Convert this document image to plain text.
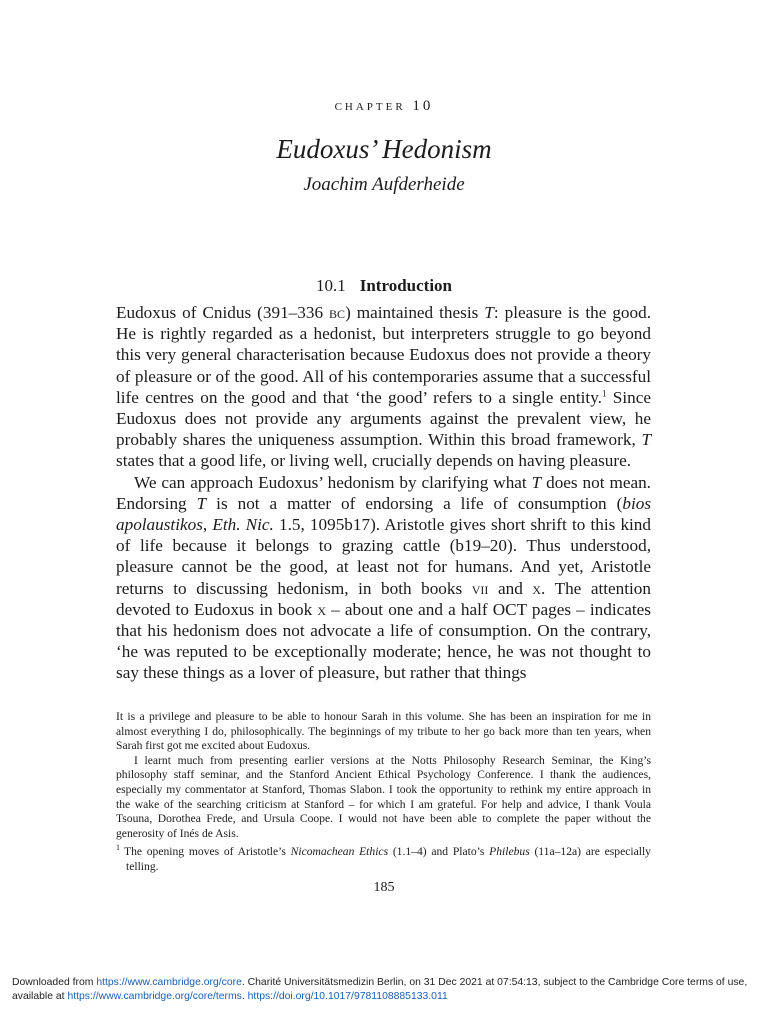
chapter 10
Eudoxus’ Hedonism
Joachim Aufderheide
10.1 Introduction

Eudoxus of Cnidus (391–336 bc) maintained thesis T: pleasure is the good. He is rightly regarded as a hedonist, but interpreters struggle to go beyond this very general characterisation because Eudoxus does not provide a theory of pleasure or of the good. All of his contemporaries assume that a successful life centres on the good and that ‘the good’ refers to a single entity.$^1$ Since Eudoxus does not provide any arguments against the prevalent view, he probably shares the uniqueness assumption. Within this broad framework, T states that a good life, or living well, crucially depends on having pleasure.

We can approach Eudoxus’ hedonism by clarifying what T does not mean. Endorsing T is not a matter of endorsing a life of consumption (bios apolaustikos, Eth. Nic. 1.5, 1095b17). Aristotle gives short shrift to this kind of life because it belongs to grazing cattle (b19–20). Thus understood, pleasure cannot be the good, at least not for humans. And yet, Aristotle returns to discussing hedonism, in both books vii and x. The attention devoted to Eudoxus in book x – about one and a half OCT pages – indicates that his hedonism does not advocate a life of consumption. On the contrary, ‘he was reputed to be exceptionally moderate; hence, he was not thought to say these things as a lover of pleasure, but rather that things

It is a privilege and pleasure to be able to honour Sarah in this volume. She has been an inspiration for me in almost everything I do, philosophically. The beginnings of my tribute to her go back more than ten years, when Sarah first got me excited about Eudoxus.

I learnt much from presenting earlier versions at the Notts Philosophy Research Seminar, the King’s philosophy staff seminar, and the Stanford Ancient Ethical Psychology Conference. I thank the audiences, especially my commentator at Stanford, Thomas Slabon. I took the opportunity to rethink my entire approach in the wake of the searching criticism at Stanford – for which I am grateful. For help and advice, I thank Voula Tsouna, Dorothea Frede, and Ursula Coope. I would not have been able to complete the paper without the generosity of Inés de Asis.

$^1$ The opening moves of Aristotle’s Nicomachean Ethics (1.1–4) and Plato’s Philebus (11a–12a) are especially telling.

185
Downloaded from https://www.cambridge.org/core. Charité Universitätsmedizin Berlin, on 31 Dec 2021 at 07:54:13, subject to the Cambridge Core terms of use, available at https://www.cambridge.org/core/terms. https://doi.org/10.1017/9781108885133.011
